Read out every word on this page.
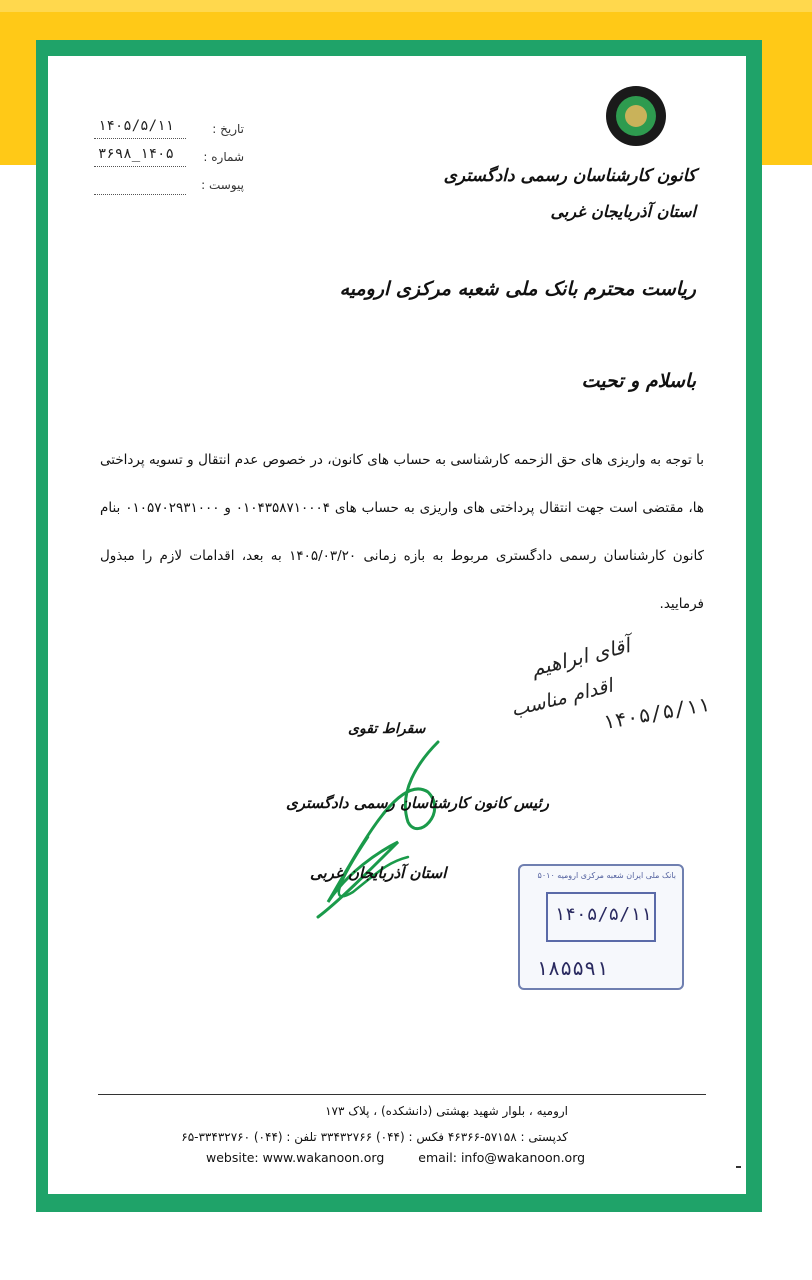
کانون کارشناسان رسمی دادگستری
استان آذربایجان غربی
تاریخ :
۱۴۰۵/۵/۱۱
شماره :
۱۴۰۵_۳۶۹۸
پیوست :
ریاست محترم بانک ملی شعبه مرکزی ارومیه
باسلام و تحیت
با توجه به واریزی های حق الزحمه کارشناسی به حساب های کانون، در خصوص عدم انتقال و تسویه پرداختی ها، مقتضی است جهت انتقال پرداختی های واریزی به حساب های ۰۱۰۴۳۵۸۷۱۰۰۰۴ و ۰۱۰۵۷۰۲۹۳۱۰۰۰ بنام کانون کارشناسان رسمی دادگستری مربوط به بازه زمانی ۱۴۰۵/۰۳/۲۰ به بعد، اقدامات لازم را مبذول فرمایید.
آقای ابراهیم
اقدام مناسب
۱۴۰۵/۵/۱۱
سقراط تقوی
رئیس کانون کارشناسان رسمی دادگستری
استان آذربایجان غربی	بانک ملی ایران شعبه مرکزی ارومیه ۵۰۱۰
۱۴۰۵/۵/۱۱
۱۸۵۵۹۱
ارومیه ، بلوار شهید بهشتی (دانشکده) ، پلاک ۱۷۳
کدپستی : ۵۷۱۵۸-۴۶۳۶۶ فکس : (۰۴۴) ۳۳۴۳۲۷۶۶ تلفن : (۰۴۴) ۳۳۴۳۲۷۶۰-۶۵
website: www.wakanoon.org	email: info@wakanoon.org
